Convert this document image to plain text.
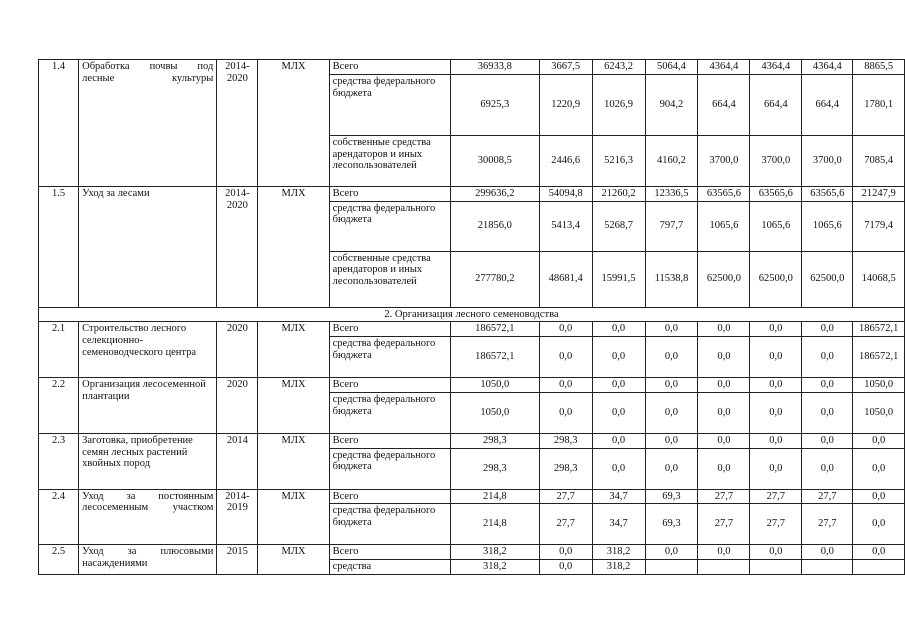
1.4	Обработка почвы под лесные культуры	2014-2020	МЛХ	Всего	36933,8	3667,5	6243,2	5064,4	4364,4	4364,4	4364,4	8865,5
				средства федерального бюджета	6925,3	1220,9	1026,9	904,2	664,4	664,4	664,4	1780,1
				собственные средства арендаторов и иных лесопользователей	30008,5	2446,6	5216,3	4160,2	3700,0	3700,0	3700,0	7085,4
1.5	Уход за лесами	2014-2020	МЛХ	Всего	299636,2	54094,8	21260,2	12336,5	63565,6	63565,6	63565,6	21247,9
				средства федерального бюджета	21856,0	5413,4	5268,7	797,7	1065,6	1065,6	1065,6	7179,4
				собственные средства арендаторов и иных лесопользователей	277780,2	48681,4	15991,5	11538,8	62500,0	62500,0	62500,0	14068,5
2. Организация лесного семеноводства												
2.1	Строительство лесного селекционно-семеноводческого центра	2020	МЛХ	Всего	186572,1	0,0	0,0	0,0	0,0	0,0	0,0	186572,1
				средства федерального бюджета	186572,1	0,0	0,0	0,0	0,0	0,0	0,0	186572,1
2.2	Организация лесосеменной плантации	2020	МЛХ	Всего	1050,0	0,0	0,0	0,0	0,0	0,0	0,0	1050,0
				средства федерального бюджета	1050,0	0,0	0,0	0,0	0,0	0,0	0,0	1050,0
2.3	Заготовка, приобретение семян лесных растений хвойных пород	2014	МЛХ	Всего	298,3	298,3	0,0	0,0	0,0	0,0	0,0	0,0
				средства федерального бюджета	298,3	298,3	0,0	0,0	0,0	0,0	0,0	0,0
2.4	Уход за постоянным лесосеменным участком	2014-2019	МЛХ	Всего	214,8	27,7	34,7	69,3	27,7	27,7	27,7	0,0
				средства федерального бюджета	214,8	27,7	34,7	69,3	27,7	27,7	27,7	0,0
2.5	Уход за плюсовыми насаждениями	2015	МЛХ	Всего	318,2	0,0	318,2	0,0	0,0	0,0	0,0	0,0
				средства	318,2	0,0	318,2					
